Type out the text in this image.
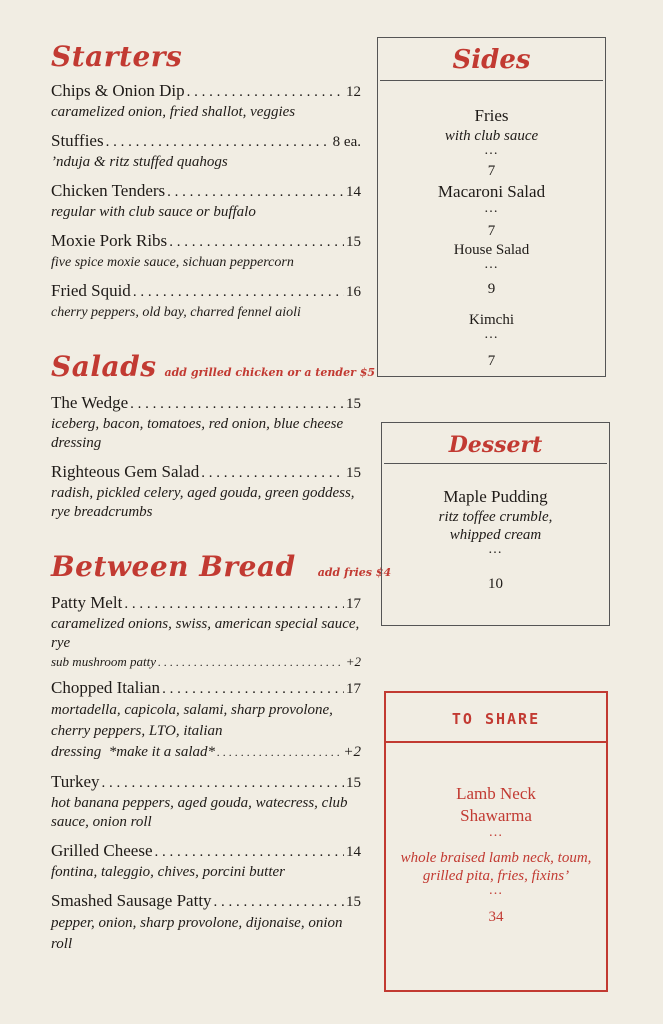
Starters
Chips & Onion Dip . . .	12
caramelized onion, fried shallot, veggies
Stuffies . . .	8 ea.
’nduja & ritz stuffed quahogs
Chicken Tenders . . .	14
regular with club sauce or buffalo
Moxie Pork Ribs . . .	15
five spice moxie sauce, sichuan peppercorn
Fried Squid . . .	16
cherry peppers, old bay, charred fennel aioli
Salads add grilled chicken or a tender $5
The Wedge . . .	15
iceberg, bacon, tomatoes, red onion, blue cheese dressing
Righteous Gem Salad . . .	15
radish, pickled celery, aged gouda, green goddess, rye breadcrumbs
Between Bread add fries $4
Patty Melt . . .	17
caramelized onions, swiss, american special sauce, rye
sub mushroom patty . . .	+2
Chopped Italian . . .	17
mortadella, capicola, salami, sharp provolone, cherry peppers, LTO, italian
dressing  *make it a salad* . . .	+2
Turkey . . .	15
hot banana peppers, aged gouda, watecress, club sauce, onion roll
Grilled Cheese . . .	14
fontina, taleggio, chives, porcini butter
Smashed Sausage Patty . . .	15
pepper, onion, sharp provolone, dijonaise, onion roll
Sides
Fries
with club sauce
…
7
Macaroni Salad
…
7
House Salad
…
9
Kimchi
…
7
Dessert
Maple Pudding
ritz toffee crumble, whipped cream
…
10
TO SHARE
Lamb Neck Shawarma
…
whole braised lamb neck, toum, grilled pita, fries, fixins’
…
34
